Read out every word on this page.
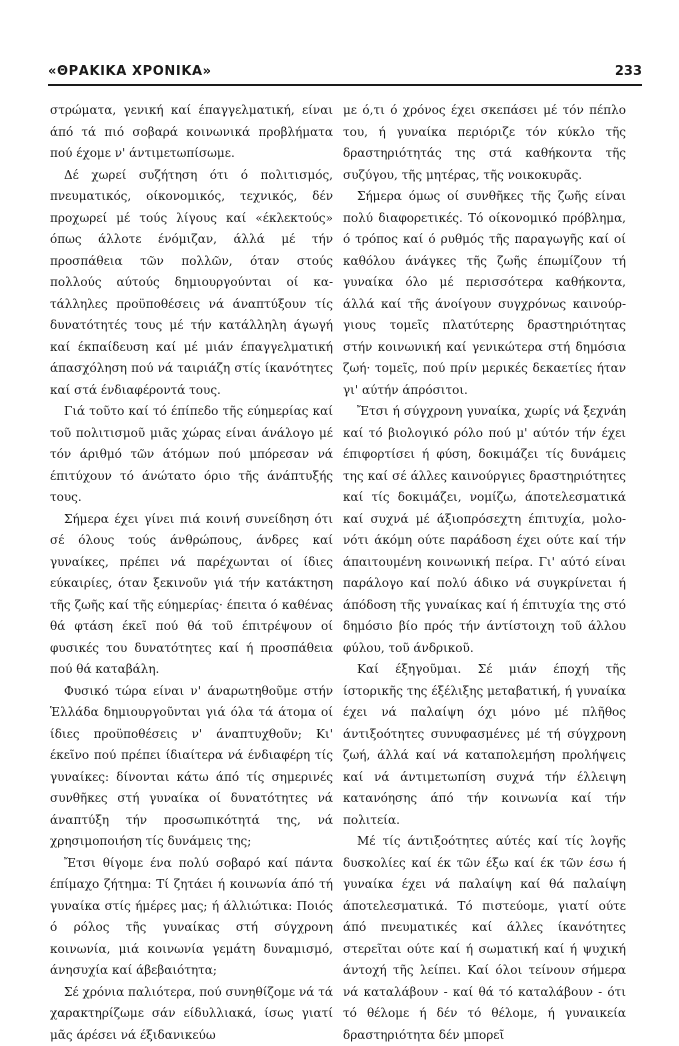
«ΘΡΑΚΙΚΑ ΧΡΟΝΙΚΑ»	233

στρώματα, γενική καί έπαγγελματική, είναι άπό τά πιό σοβαρά κοινωνικά προβλήματα πού έχομε ν' άντιμετωπίσωμε.

Δέ χωρεί συζήτηση ότι ό πολιτισμός, πνευματικός, οίκονομικός, τεχνικός, δέν προχωρεί μέ τούς λίγους καί «έκλεκτούς» όπως άλλοτε ένόμιζαν, άλλά μέ τήν προσπάθεια τῶν πολλῶν, όταν στούς πολλούς αύτούς δημιουργούνται οί κατάλληλες προϋποθέσεις νά άναπτύξουν τίς δυνατότητές τους μέ τήν κατάλληλη άγωγή καί έκπαίδευση καί μέ μιάν έπαγγελματική άπασχόληση πού νά ταιριάζη στίς ίκανότητες καί στά ένδιαφέροντά τους.

Γιά τοῦτο καί τό έπίπεδο τῆς εύημερίας καί τοῦ πολιτισμοῦ μιᾶς χώρας είναι άνάλογο μέ τόν άριθμό τῶν άτόμων πού μπόρεσαν νά έπιτύχουν τό άνώτατο όριο τῆς άνάπτυξής τους.

Σήμερα έχει γίνει πιά κοινή συνείδηση ότι σέ όλους τούς άνθρώπους, άνδρες καί γυναίκες, πρέπει νά παρέχωνται οί ίδιες εύκαιρίες, όταν ξεκινοῦν γιά τήν κατάκτηση τῆς ζωῆς καί τῆς εύημερίας· έπειτα ό καθένας θά φτάση έκεῖ πού θά τοῦ έπιτρέψουν οί φυσικές του δυνατότητες καί ή προσπάθεια πού θά καταβάλη.

Φυσικό τώρα είναι ν' άναρωτηθοῦμε στήν Ἑλλάδα δημιουργοῦνται γιά όλα τά άτομα οί ίδιες προϋποθέσεις ν' άναπτυχθοῦν; Κι' έκεῖνο πού πρέπει ίδιαίτερα νά ένδιαφέρη τίς γυναίκες: δίνονται κάτω άπό τίς σημερινές συνθῆκες στή γυναίκα οί δυνατότητες νά άναπτύξη τήν προσωπικότητά της, νά χρησιμοποιήση τίς δυνάμεις της;

Ἔτσι θίγομε ένα πολύ σοβαρό καί πάντα έπίμαχο ζήτημα: Τί ζητάει ή κοινωνία άπό τή γυναίκα στίς ήμέρες μας; ή άλλιώτικα: Ποιός ό ρόλος τῆς γυναίκας στή σύγχρονη κοινωνία, μιά κοινωνία γεμάτη δυναμισμό, άνησυχία καί άβεβαιότητα;

Σέ χρόνια παλιότερα, πού συνηθίζομε νά τά χαρακτηρίζωμε σάν είδυλλιακά, ίσως γιατί μᾶς άρέσει νά έξιδανικεύω

με ό,τι ό χρόνος έχει σκεπάσει μέ τόν πέπλο του, ή γυναίκα περιόριζε τόν κύκλο τῆς δραστηριότητάς της στά καθήκοντα τῆς συζύγου, τῆς μητέρας, τῆς νοικοκυρᾶς.

Σήμερα όμως οί συνθῆκες τῆς ζωῆς είναι πολύ διαφορετικές. Τό οίκονομικό πρόβλημα, ό τρόπος καί ό ρυθμός τῆς παραγωγῆς καί οί καθόλου άνάγκες τῆς ζωῆς έπωμίζουν τή γυναίκα όλο μέ περισσότερα καθήκοντα, άλλά καί τῆς άνοίγουν συγχρόνως καινούργιους τομεῖς πλατύτερης δραστηριότητας στήν κοινωνική καί γενικώτερα στή δημόσια ζωή· τομεῖς, πού πρίν μερικές δεκαετίες ήταν γι' αύτήν άπρόσιτοι.

Ἔτσι ή σύγχρονη γυναίκα, χωρίς νά ξεχνάη καί τό βιολογικό ρόλο πού μ' αύτόν τήν έχει έπιφορτίσει ή φύση, δοκιμάζει τίς δυνάμεις της καί σέ άλλες καινούργιες δραστηριότητες καί τίς δοκιμάζει, νομίζω, άποτελεσματικά καί συχνά μέ άξιοπρόσεχτη έπιτυχία, μολονότι άκόμη ούτε παράδοση έχει ούτε καί τήν άπαιτουμένη κοινωνική πείρα. Γι' αύτό είναι παράλογο καί πολύ άδικο νά συγκρίνεται ή άπόδοση τῆς γυναίκας καί ή έπιτυχία της στό δημόσιο βίο πρός τήν άντίστοιχη τοῦ άλλου φύλου, τοῦ άνδρικοῦ.

Καί έξηγοῦμαι. Σέ μιάν έποχή τῆς ίστορικῆς της έξέλιξης μεταβατική, ή γυναίκα έχει νά παλαίψη όχι μόνο μέ πλῆθος άντιξοότητες συνυφασμένες μέ τή σύγχρονη ζωή, άλλά καί νά καταπολεμήση προλήψεις καί νά άντιμετωπίση συχνά τήν έλλειψη κατανόησης άπό τήν κοινωνία καί τήν πολιτεία.

Μέ τίς άντιξοότητες αύτές καί τίς λογῆς δυσκολίες καί έκ τῶν έξω καί έκ τῶν έσω ή γυναίκα έχει νά παλαίψη καί θά παλαίψη άποτελεσματικά. Τό πιστεύομε, γιατί ούτε άπό πνευματικές καί άλλες ίκανότητες στερεῖται ούτε καί ή σωματική καί ή ψυχική άντοχή τῆς λείπει. Καί όλοι τείνουν σήμερα νά καταλάβουν - καί θά τό καταλάβουν - ότι τό θέλομε ή δέν τό θέλομε, ή γυναικεία δραστηριότητα δέν μπορεῖ
